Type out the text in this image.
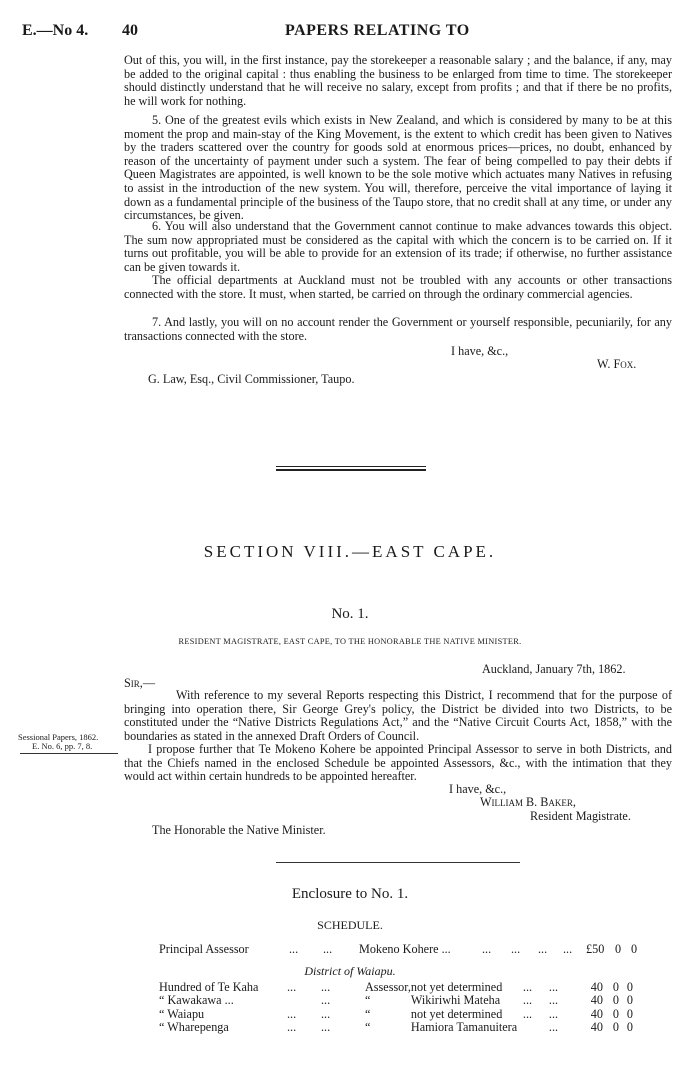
E.—No 4. 40	PAPERS RELATING TO
Out of this, you will, in the first instance, pay the storekeeper a reasonable salary ; and the balance, if any, may be added to the original capital : thus enabling the business to be enlarged from time to time. The storekeeper should distinctly understand that he will receive no salary, except from profits ; and that if there be no profits, he will work for nothing.
5. One of the greatest evils which exists in New Zealand, and which is considered by many to be at this moment the prop and main-stay of the King Movement, is the extent to which credit has been given to Natives by the traders scattered over the country for goods sold at enormous prices—prices, no doubt, enhanced by reason of the uncertainty of payment under such a system. The fear of being compelled to pay their debts if Queen Magistrates are appointed, is well known to be the sole motive which actuates many Natives in refusing to assist in the introduction of the new system. You will, therefore, perceive the vital importance of laying it down as a fundamental principle of the business of the Taupo store, that no credit shall at any time, or under any circumstances, be given.
6. You will also understand that the Government cannot continue to make advances towards this object. The sum now appropriated must be considered as the capital with which the concern is to be carried on. If it turns out profitable, you will be able to provide for an extension of its trade; if otherwise, no further assistance can be given towards it.
The official departments at Auckland must not be troubled with any accounts or other transactions connected with the store. It must, when started, be carried on through the ordinary commercial agencies.
7. And lastly, you will on no account render the Government or yourself responsible, pecuniarily, for any transactions connected with the store.
I have, &c.,
W. Fox.
G. Law, Esq., Civil Commissioner, Taupo.
SECTION VIII.—EAST CAPE.
No. 1.
RESIDENT MAGISTRATE, EAST CAPE, TO THE HONORABLE THE NATIVE MINISTER.
Auckland, January 7th, 1862.
Sir,—
With reference to my several Reports respecting this District, I recommend that for the purpose of bringing into operation there, Sir George Grey's policy, the District be divided into two Districts, to be constituted under the “Native Districts Regulations Act,” and the “Native Circuit Courts Act, 1858,” with the boundaries as stated in the annexed Draft Orders of Council.
I propose further that Te Mokeno Kohere be appointed Principal Assessor to serve in both Districts, and that the Chiefs named in the enclosed Schedule be appointed Assessors, &c., with the intimation that they would act within certain hundreds to be appointed hereafter.
Sessional Papers, 1862.
E. No. 6, pp. 7, 8.
I have, &c.,
William B. Baker,
Resident Magistrate.
The Honorable the Native Minister.
Enclosure to No. 1.
SCHEDULE.
Principal Assessor	... ... Mokeno Kohere ...	... ... ... ... £50 0 0
District of Waiapu.
Hundred of Te Kaha	...	...	Assessor,	not yet determined	...	...	40	0	0
“ Kawakawa ...		...	“	Wikiriwhi Mateha	...	...	40	0	0
“ Waiapu	...	...	“	not yet determined	...	...	40	0	0
“ Wharepenga	...	...	“	Hamiora Tamanuitera		...	40	0	0
